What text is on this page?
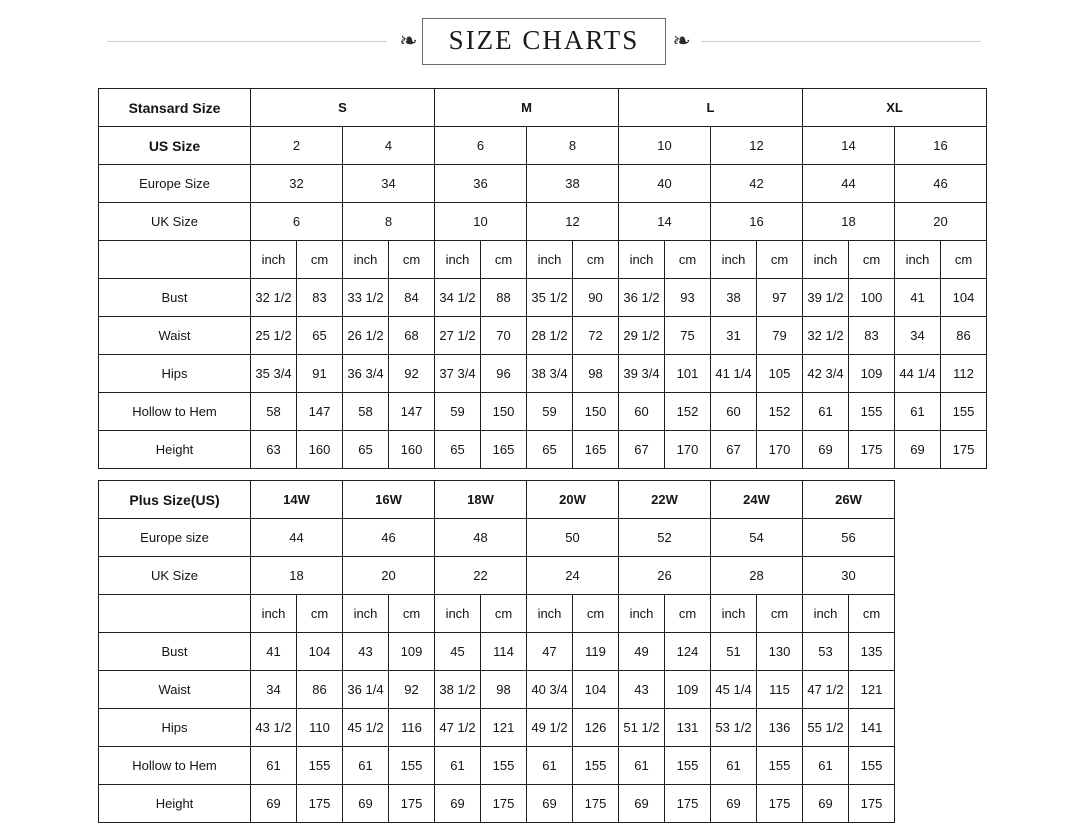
❧ SIZE CHARTS ❧
Stansard Size	S				M				L				XL			
US Size	2		4		6		8		10		12		14		16	
Europe Size	32		34		36		38		40		42		44		46	
UK Size	6		8		10		12		14		16		18		20	
	inch	cm	inch	cm	inch	cm	inch	cm	inch	cm	inch	cm	inch	cm	inch	cm
Bust	32 1/2	83	33 1/2	84	34 1/2	88	35 1/2	90	36 1/2	93	38	97	39 1/2	100	41	104
Waist	25 1/2	65	26 1/2	68	27 1/2	70	28 1/2	72	29 1/2	75	31	79	32 1/2	83	34	86
Hips	35 3/4	91	36 3/4	92	37 3/4	96	38 3/4	98	39 3/4	101	41 1/4	105	42 3/4	109	44 1/4	112
Hollow to Hem	58	147	58	147	59	150	59	150	60	152	60	152	61	155	61	155
Height	63	160	65	160	65	165	65	165	67	170	67	170	69	175	69	175
Plus Size(US)	14W		16W		18W		20W		22W		24W		26W	
Europe size	44		46		48		50		52		54		56	
UK Size	18		20		22		24		26		28		30	
	inch	cm	inch	cm	inch	cm	inch	cm	inch	cm	inch	cm	inch	cm
Bust	41	104	43	109	45	114	47	119	49	124	51	130	53	135
Waist	34	86	36 1/4	92	38 1/2	98	40 3/4	104	43	109	45 1/4	115	47 1/2	121
Hips	43 1/2	110	45 1/2	116	47 1/2	121	49 1/2	126	51 1/2	131	53 1/2	136	55 1/2	141
Hollow to Hem	61	155	61	155	61	155	61	155	61	155	61	155	61	155
Height	69	175	69	175	69	175	69	175	69	175	69	175	69	175
